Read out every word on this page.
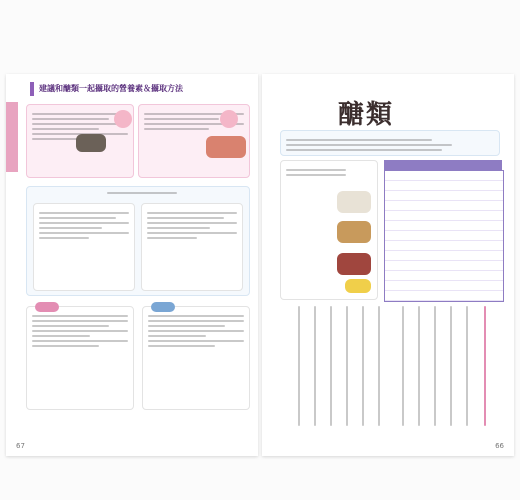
建議和醣類一起攝取的營養素＆攝取方法
67
醣類
66
